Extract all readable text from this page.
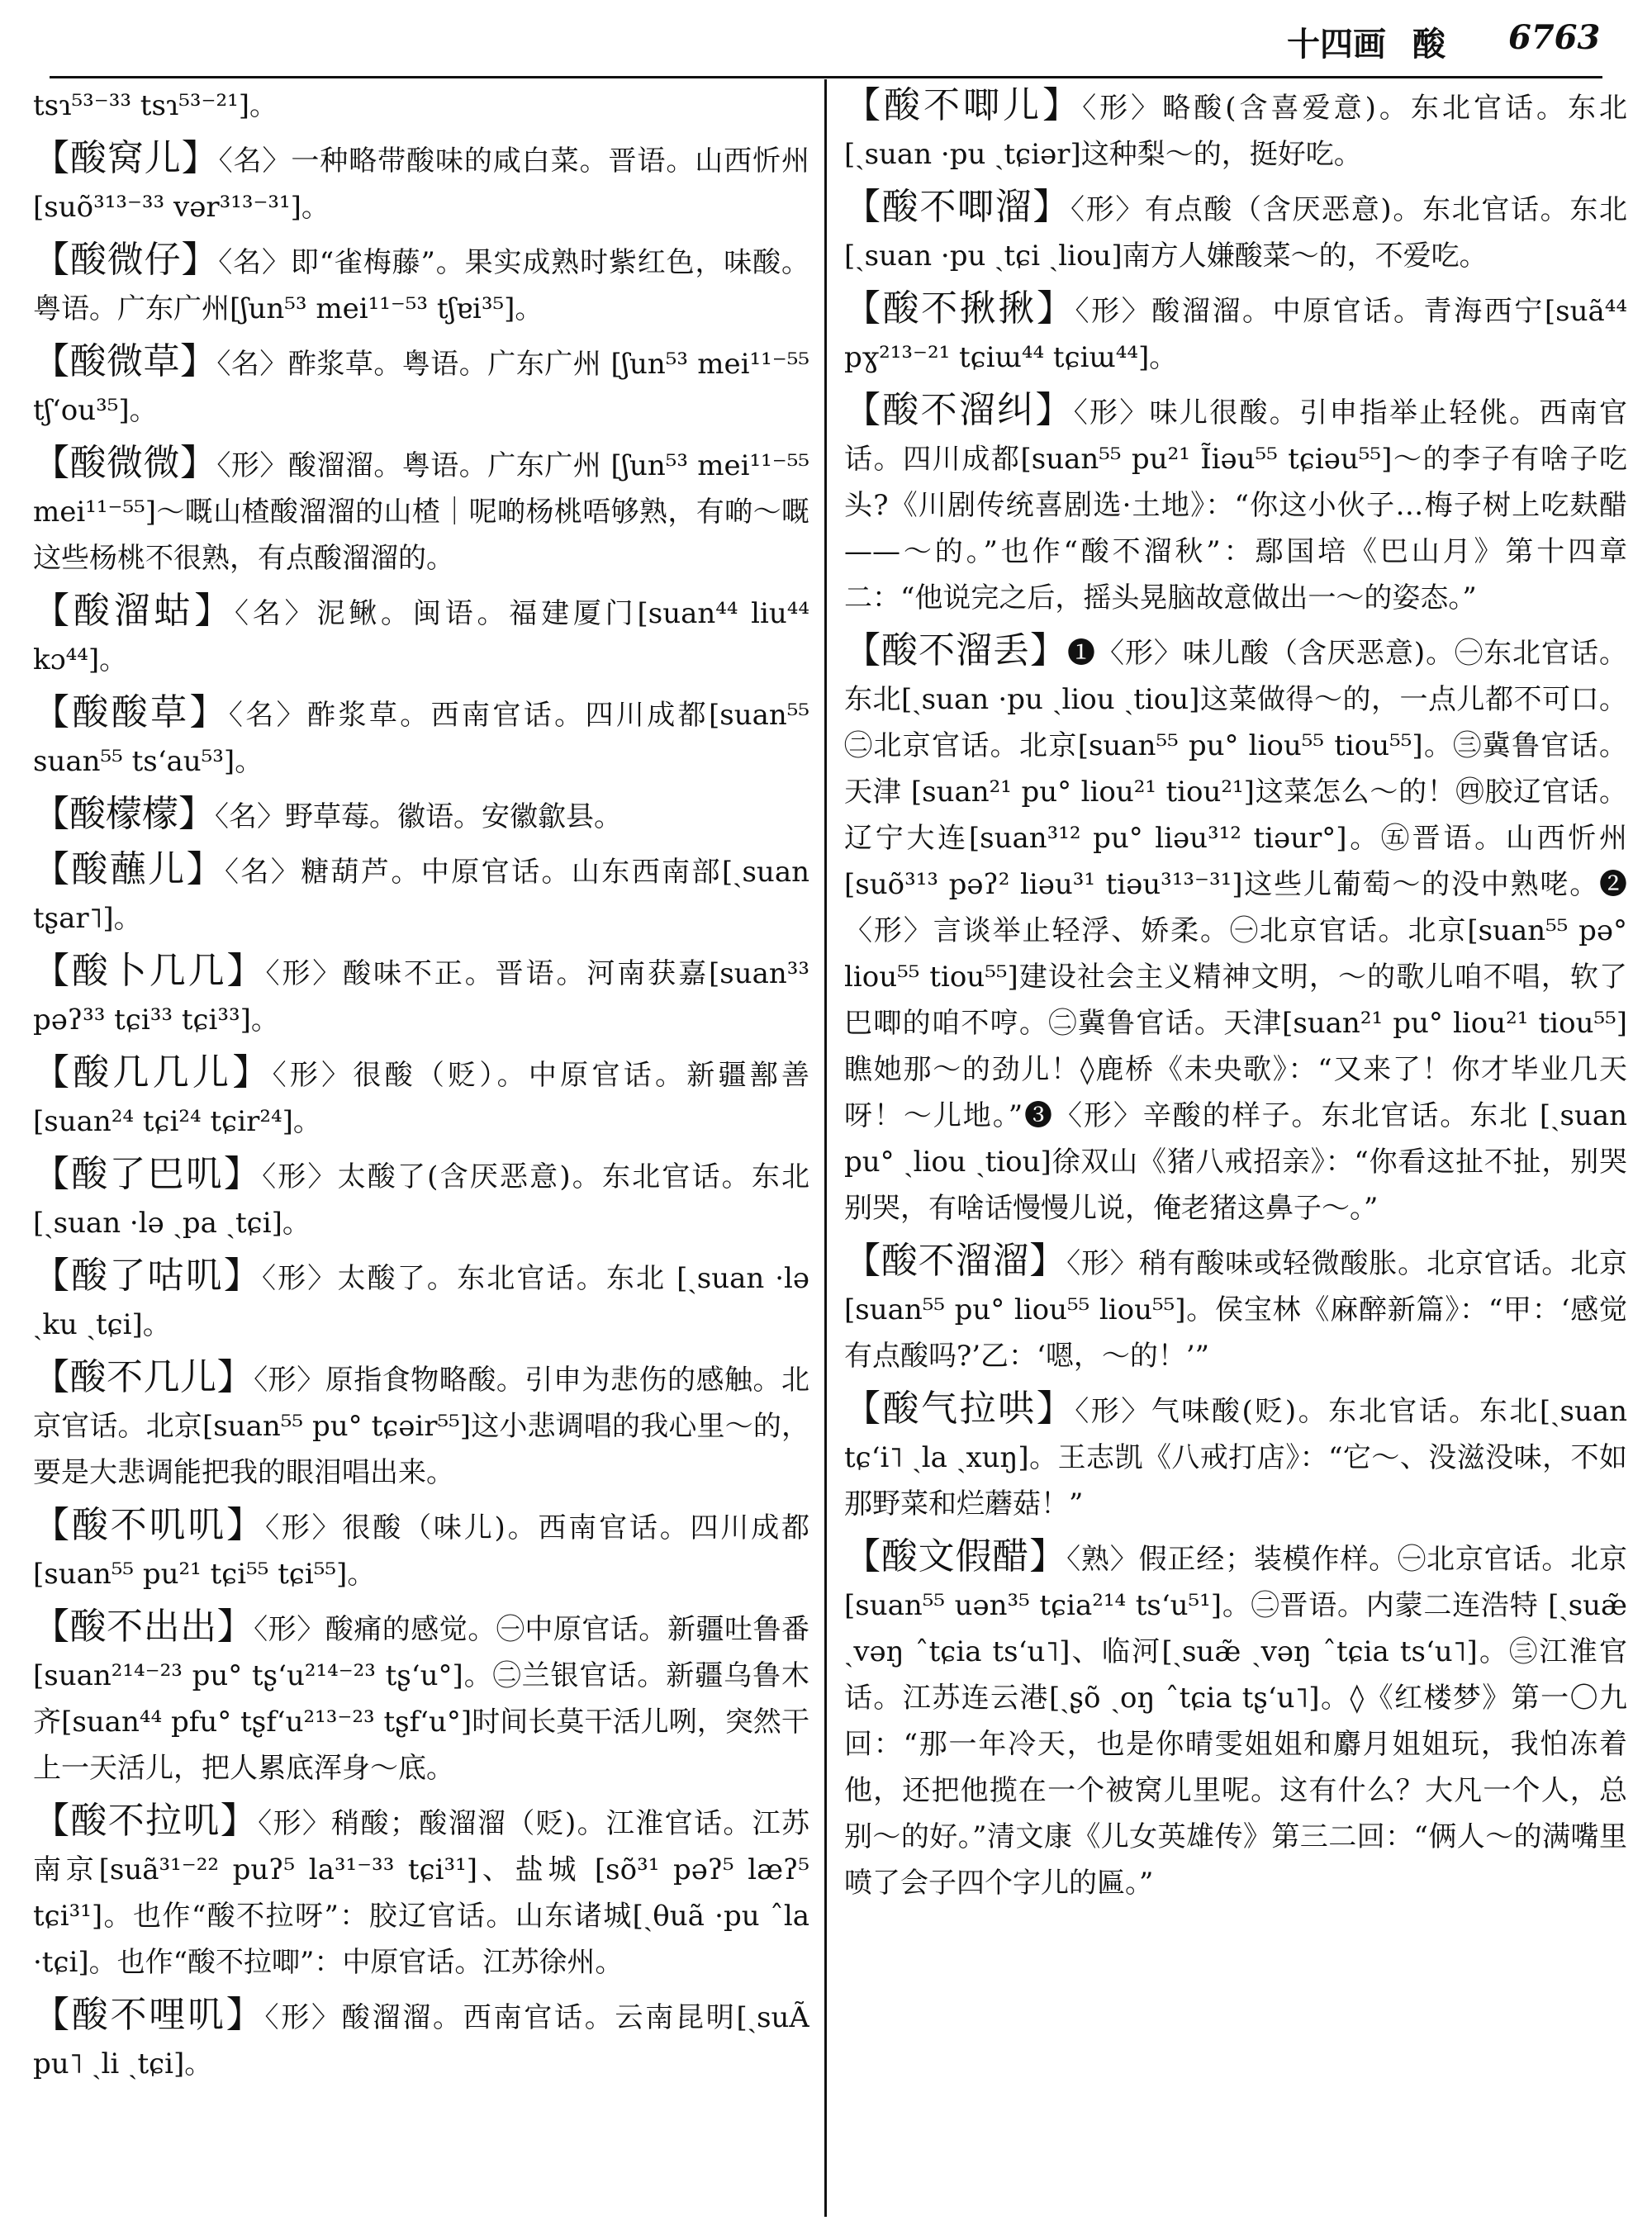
十四画 酸 6763

tsɿ⁵³⁻³³ tsɿ⁵³⁻²¹]。

【酸窝儿】〈名〉一种略带酸味的咸白菜。晋语。山西忻州[suõ³¹³⁻³³ vər³¹³⁻³¹]。

【酸微仔】〈名〉即“雀梅藤”。果实成熟时紫红色，味酸。粤语。广东广州[ʃun⁵³ mei¹¹⁻⁵³ tʃɐi³⁵]。

【酸微草】〈名〉酢浆草。粤语。广东广州 [ʃun⁵³ mei¹¹⁻⁵⁵ tʃ‘ou³⁵]。

【酸微微】〈形〉酸溜溜。粤语。广东广州 [ʃun⁵³ mei¹¹⁻⁵⁵ mei¹¹⁻⁵⁵]～嘅山楂酸溜溜的山楂｜呢啲杨桃唔够熟，有啲～嘅这些杨桃不很熟，有点酸溜溜的。

【酸溜蛄】〈名〉泥鳅。闽语。福建厦门[suan⁴⁴ liu⁴⁴ kɔ⁴⁴]。

【酸酸草】〈名〉酢浆草。西南官话。四川成都[suan⁵⁵ suan⁵⁵ ts‘au⁵³]。

【酸檬檬】〈名〉野草莓。徽语。安徽歙县。

【酸蘸儿】〈名〉糖葫芦。中原官话。山东西南部[ˏsuan tʂar˥]。

【酸卜几几】〈形〉酸味不正。晋语。河南获嘉[suan³³ pəʔ³³ tɕi³³ tɕi³³]。

【酸几几儿】〈形〉很酸（贬）。中原官话。新疆鄯善[suan²⁴ tɕi²⁴ tɕir²⁴]。

【酸了巴叽】〈形〉太酸了(含厌恶意)。东北官话。东北[ˏsuan ·lə ˏpa ˏtɕi]。

【酸了咕叽】〈形〉太酸了。东北官话。东北 [ˏsuan ·lə ˏku ˏtɕi]。

【酸不几儿】〈形〉原指食物略酸。引申为悲伤的感触。北京官话。北京[suan⁵⁵ pu° tɕəir⁵⁵]这小悲调唱的我心里～的，要是大悲调能把我的眼泪唱出来。

【酸不叽叽】〈形〉很酸（味儿)。西南官话。四川成都[suan⁵⁵ pu²¹ tɕi⁵⁵ tɕi⁵⁵]。

【酸不出出】〈形〉酸痛的感觉。㊀中原官话。新疆吐鲁番[suan²¹⁴⁻²³ pu° tʂ‘u²¹⁴⁻²³ tʂ‘u°]。㊁兰银官话。新疆乌鲁木齐[suan⁴⁴ pfu° tʂf‘u²¹³⁻²³ tʂf‘u°]时间长莫干活儿咧，突然干上一天活儿，把人累底浑身～底。

【酸不拉叽】〈形〉稍酸；酸溜溜（贬)。江淮官话。江苏南京[suã³¹⁻²² puʔ⁵ la³¹⁻³³ tɕi³¹]、盐城 [sõ³¹ pəʔ⁵ læʔ⁵ tɕi³¹]。也作“酸不拉呀”：胶辽官话。山东诸城[ˏθuã ·pu ˆla ·tɕi]。也作“酸不拉唧”：中原官话。江苏徐州。

【酸不哩叽】〈形〉酸溜溜。西南官话。云南昆明[ˏsuÃ pu˥ ˏli ˏtɕi]。

【酸不唧儿】〈形〉略酸(含喜爱意)。东北官话。东北[ˏsuan ·pu ˏtɕiər]这种梨～的，挺好吃。

【酸不唧溜】〈形〉有点酸（含厌恶意)。东北官话。东北[ˏsuan ·pu ˏtɕi ˏliou]南方人嫌酸菜～的，不爱吃。

【酸不揪揪】〈形〉酸溜溜。中原官话。青海西宁[suã⁴⁴ pɣ²¹³⁻²¹ tɕiɯ⁴⁴ tɕiɯ⁴⁴]。

【酸不溜纠】〈形〉味儿很酸。引申指举止轻佻。西南官话。四川成都[suan⁵⁵ pu²¹ Ĩiəu⁵⁵ tɕiəu⁵⁵]～的李子有啥子吃头?《川剧传统喜剧选·土地》：“你这小伙子…梅子树上吃麸醋——～的。”也作“酸不溜秋”：鄢国培《巴山月》第十四章二：“他说完之后，摇头晃脑故意做出一～的姿态。”

【酸不溜丢】❶〈形〉味儿酸（含厌恶意)。㊀东北官话。东北[ˏsuan ·pu ˏliou ˏtiou]这菜做得～的，一点儿都不可口。㊁北京官话。北京[suan⁵⁵ pu° liou⁵⁵ tiou⁵⁵]。㊂冀鲁官话。天津 [suan²¹ pu° liou²¹ tiou²¹]这菜怎么～的！㊃胶辽官话。辽宁大连[suan³¹² pu° liəu³¹² tiəur°]。㊄晋语。山西忻州[suõ³¹³ pəʔ² liəu³¹ tiəu³¹³⁻³¹]这些儿葡萄～的没中熟咾。❷〈形〉言谈举止轻浮、娇柔。㊀北京官话。北京[suan⁵⁵ pə° liou⁵⁵ tiou⁵⁵]建设社会主义精神文明，～的歌儿咱不唱，软了巴唧的咱不哼。㊁冀鲁官话。天津[suan²¹ pu° liou²¹ tiou⁵⁵]瞧她那～的劲儿！◊鹿桥《未央歌》：“又来了！你才毕业几天呀！～儿地。”❸〈形〉辛酸的样子。东北官话。东北 [ˏsuan pu° ˏliou ˏtiou]徐双山《猪八戒招亲》：“你看这扯不扯，别哭别哭，有啥话慢慢儿说，俺老猪这鼻子～。”

【酸不溜溜】〈形〉稍有酸味或轻微酸胀。北京官话。北京[suan⁵⁵ pu° liou⁵⁵ liou⁵⁵]。侯宝林《麻醉新篇》：“甲：‘感觉有点酸吗?’乙：‘嗯，～的！’”

【酸气拉哄】〈形〉气味酸(贬)。东北官话。东北[ˏsuan tɕ‘i˥ ˏla ˏxuŋ]。王志凯《八戒打店》：“它～、没滋没味，不如那野菜和烂蘑菇！”

【酸文假醋】〈熟〉假正经；装模作样。㊀北京官话。北京[suan⁵⁵ uən³⁵ tɕia²¹⁴ ts‘u⁵¹]。㊁晋语。内蒙二连浩特 [ˏsuæ̃ ˏvəŋ ˆtɕia ts‘u˥]、临河[ˏsuæ̃ ˏvəŋ ˆtɕia ts‘u˥]。㊂江淮官话。江苏连云港[ˏʂõ ˏoŋ ˆtɕia tʂ‘u˥]。◊《红楼梦》第一〇九回：“那一年冷天，也是你晴雯姐姐和麝月姐姐玩，我怕冻着他，还把他揽在一个被窝儿里呢。这有什么？大凡一个人，总别～的好。”清文康《儿女英雄传》第三二回：“俩人～的满嘴里喷了会子四个字儿的匾。”
